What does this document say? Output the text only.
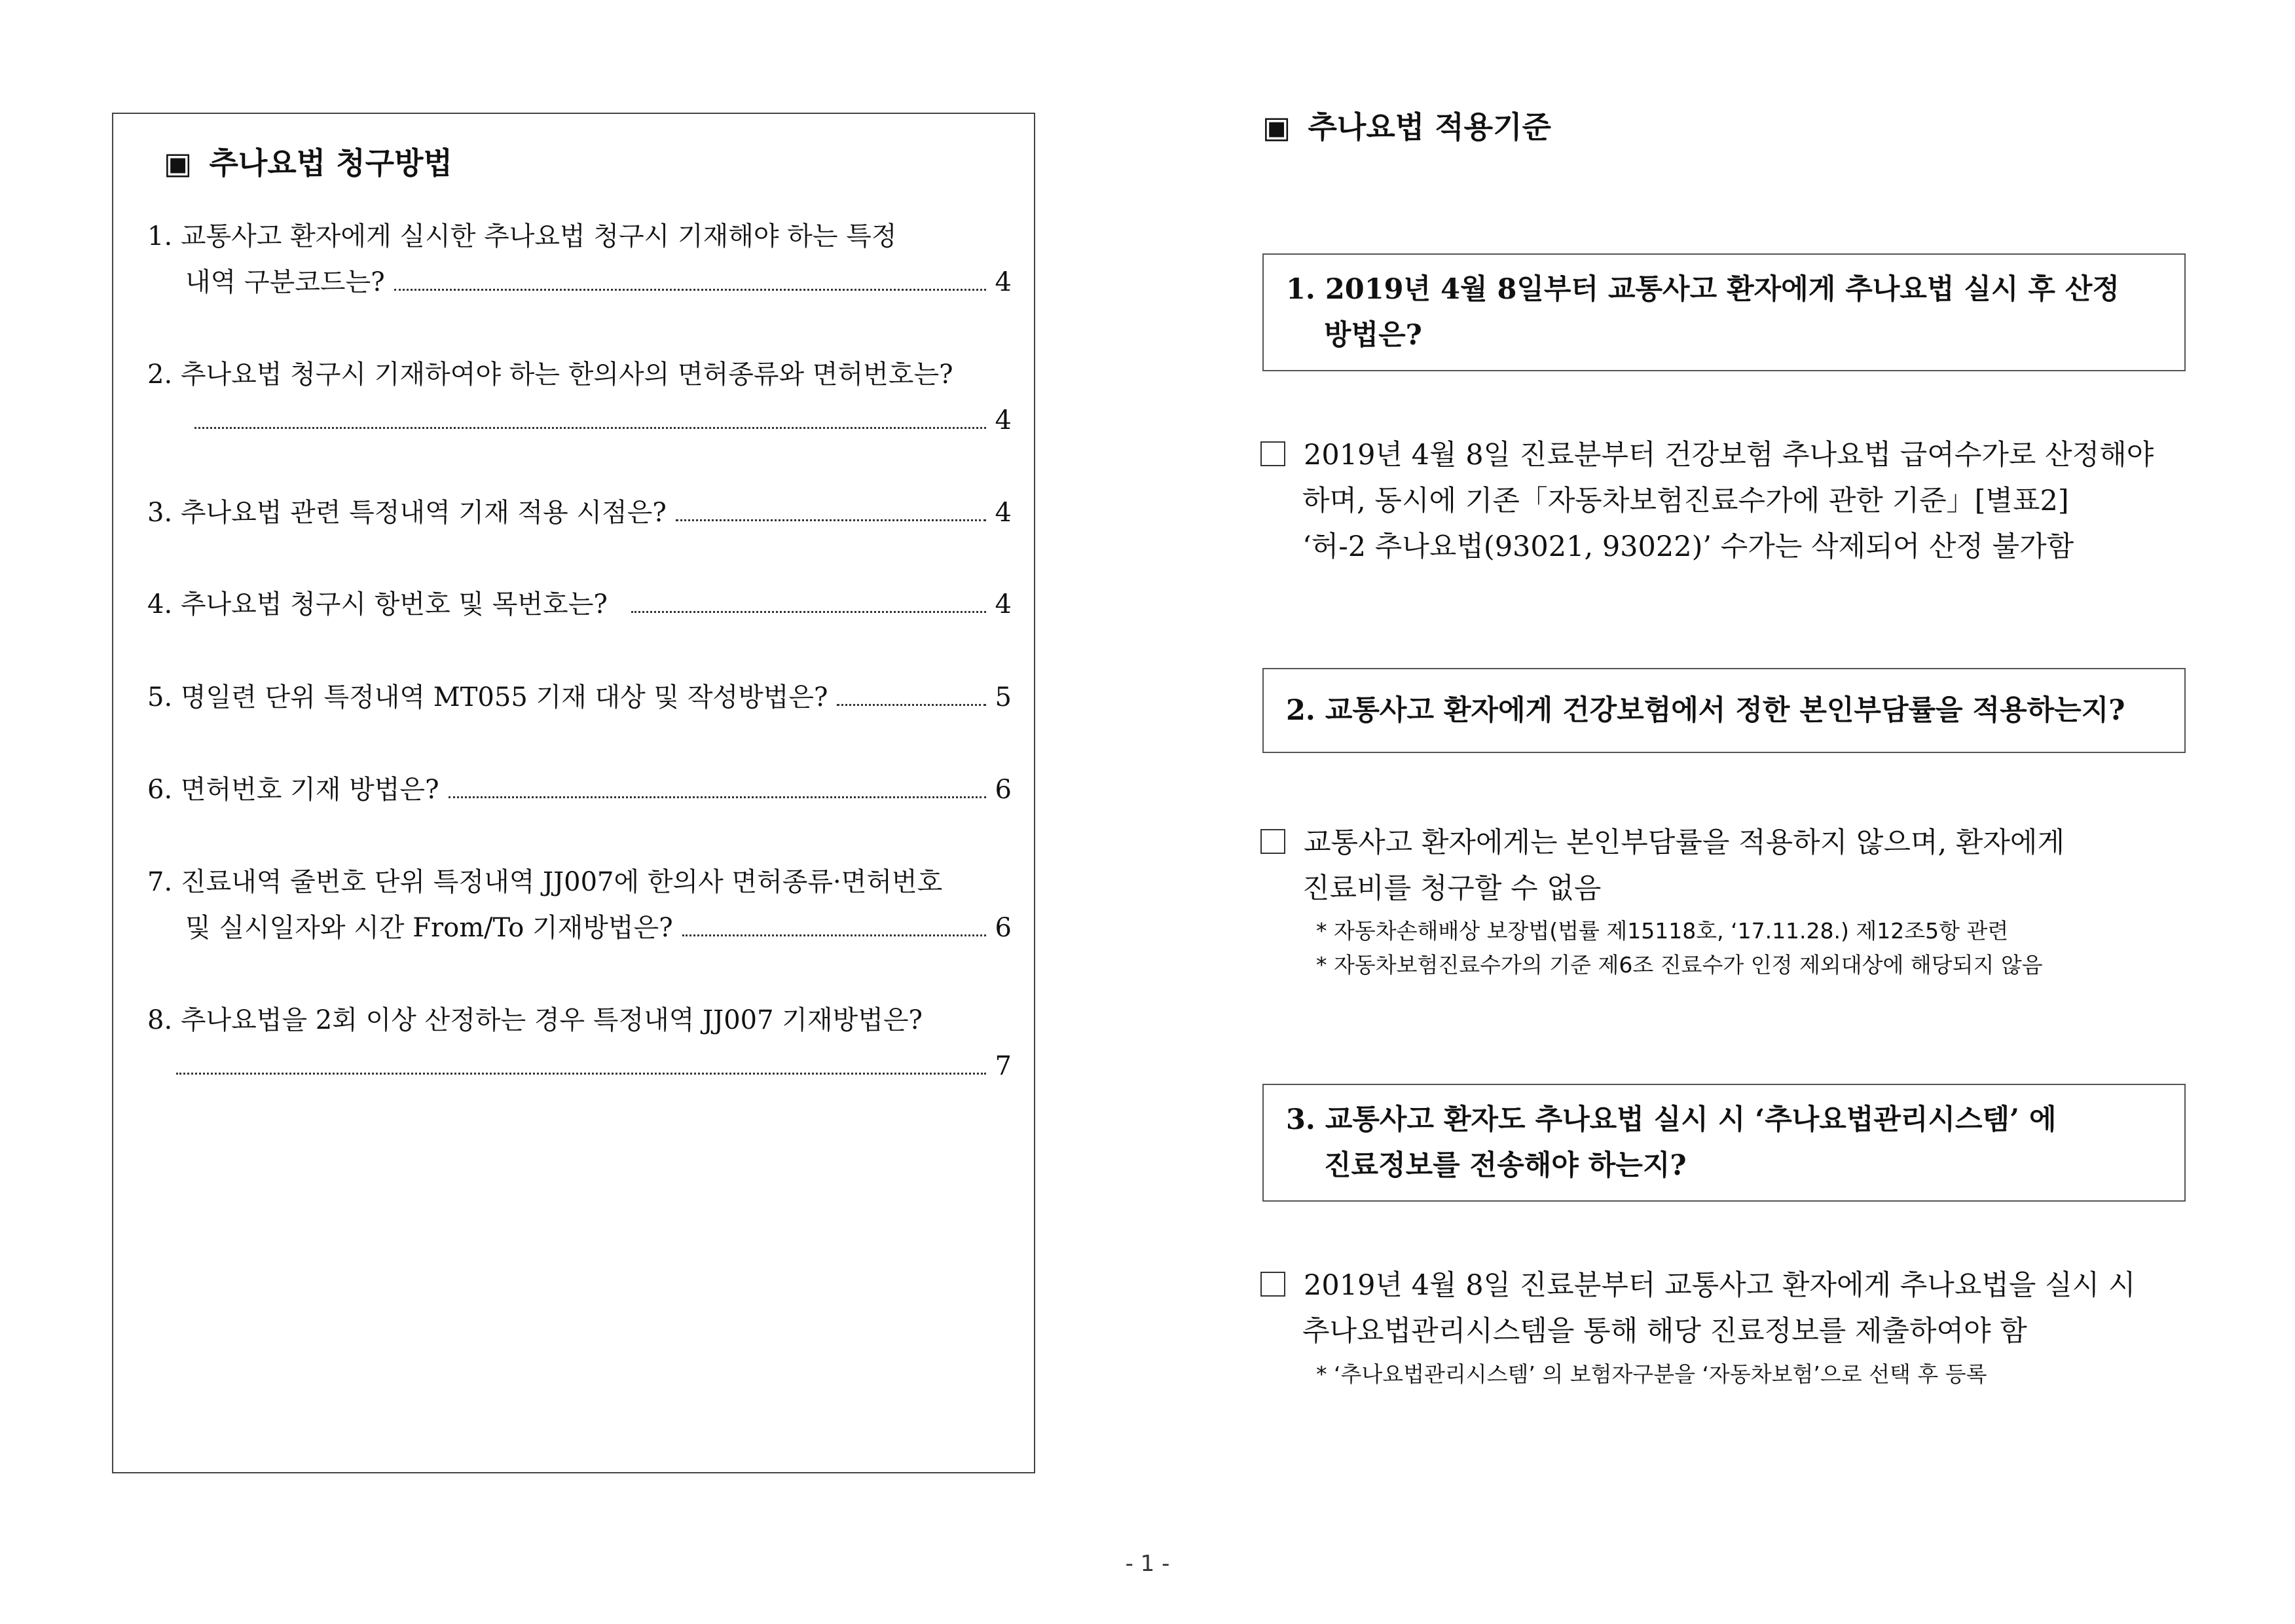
▣ 추나요법 청구방법
1. 교통사고 환자에게 실시한 추나요법 청구시 기재해야 하는 특정
내역 구분코드는?	4
2. 추나요법 청구시 기재하여야 하는 한의사의 면허종류와 면허번호는?
4
3. 추나요법 관련 특정내역 기재 적용 시점은?	4
4. 추나요법 청구시 항번호 및 목번호는?	4
5. 명일련 단위 특정내역 MT055 기재 대상 및 작성방법은?	5
6. 면허번호 기재 방법은?	6
7. 진료내역 줄번호 단위 특정내역 JJ007에 한의사 면허종류·면허번호
및 실시일자와 시간 From/To 기재방법은?	6
8. 추나요법을 2회 이상 산정하는 경우 특정내역 JJ007 기재방법은?
7
▣ 추나요법 적용기준
1. 2019년 4월 8일부터 교통사고 환자에게 추나요법 실시 후 산정
방법은?
2019년 4월 8일 진료분부터 건강보험 추나요법 급여수가로 산정해야
하며, 동시에 기존「자동차보험진료수가에 관한 기준」[별표2]
‘허-2 추나요법(93021, 93022)’ 수가는 삭제되어 산정 불가함
2. 교통사고 환자에게 건강보험에서 정한 본인부담률을 적용하는지?
교통사고 환자에게는 본인부담률을 적용하지 않으며, 환자에게
진료비를 청구할 수 없음
* 자동차손해배상 보장법(법률 제15118호, ‘17.11.28.) 제12조5항 관련
* 자동차보험진료수가의 기준 제6조 진료수가 인정 제외대상에 해당되지 않음
3. 교통사고 환자도 추나요법 실시 시 ‘추나요법관리시스템’ 에
진료정보를 전송해야 하는지?
2019년 4월 8일 진료분부터 교통사고 환자에게 추나요법을 실시 시
추나요법관리시스템을 통해 해당 진료정보를 제출하여야 함
* ‘추나요법관리시스템’ 의 보험자구분을 ‘자동차보험’으로 선택 후 등록
- 1 -
